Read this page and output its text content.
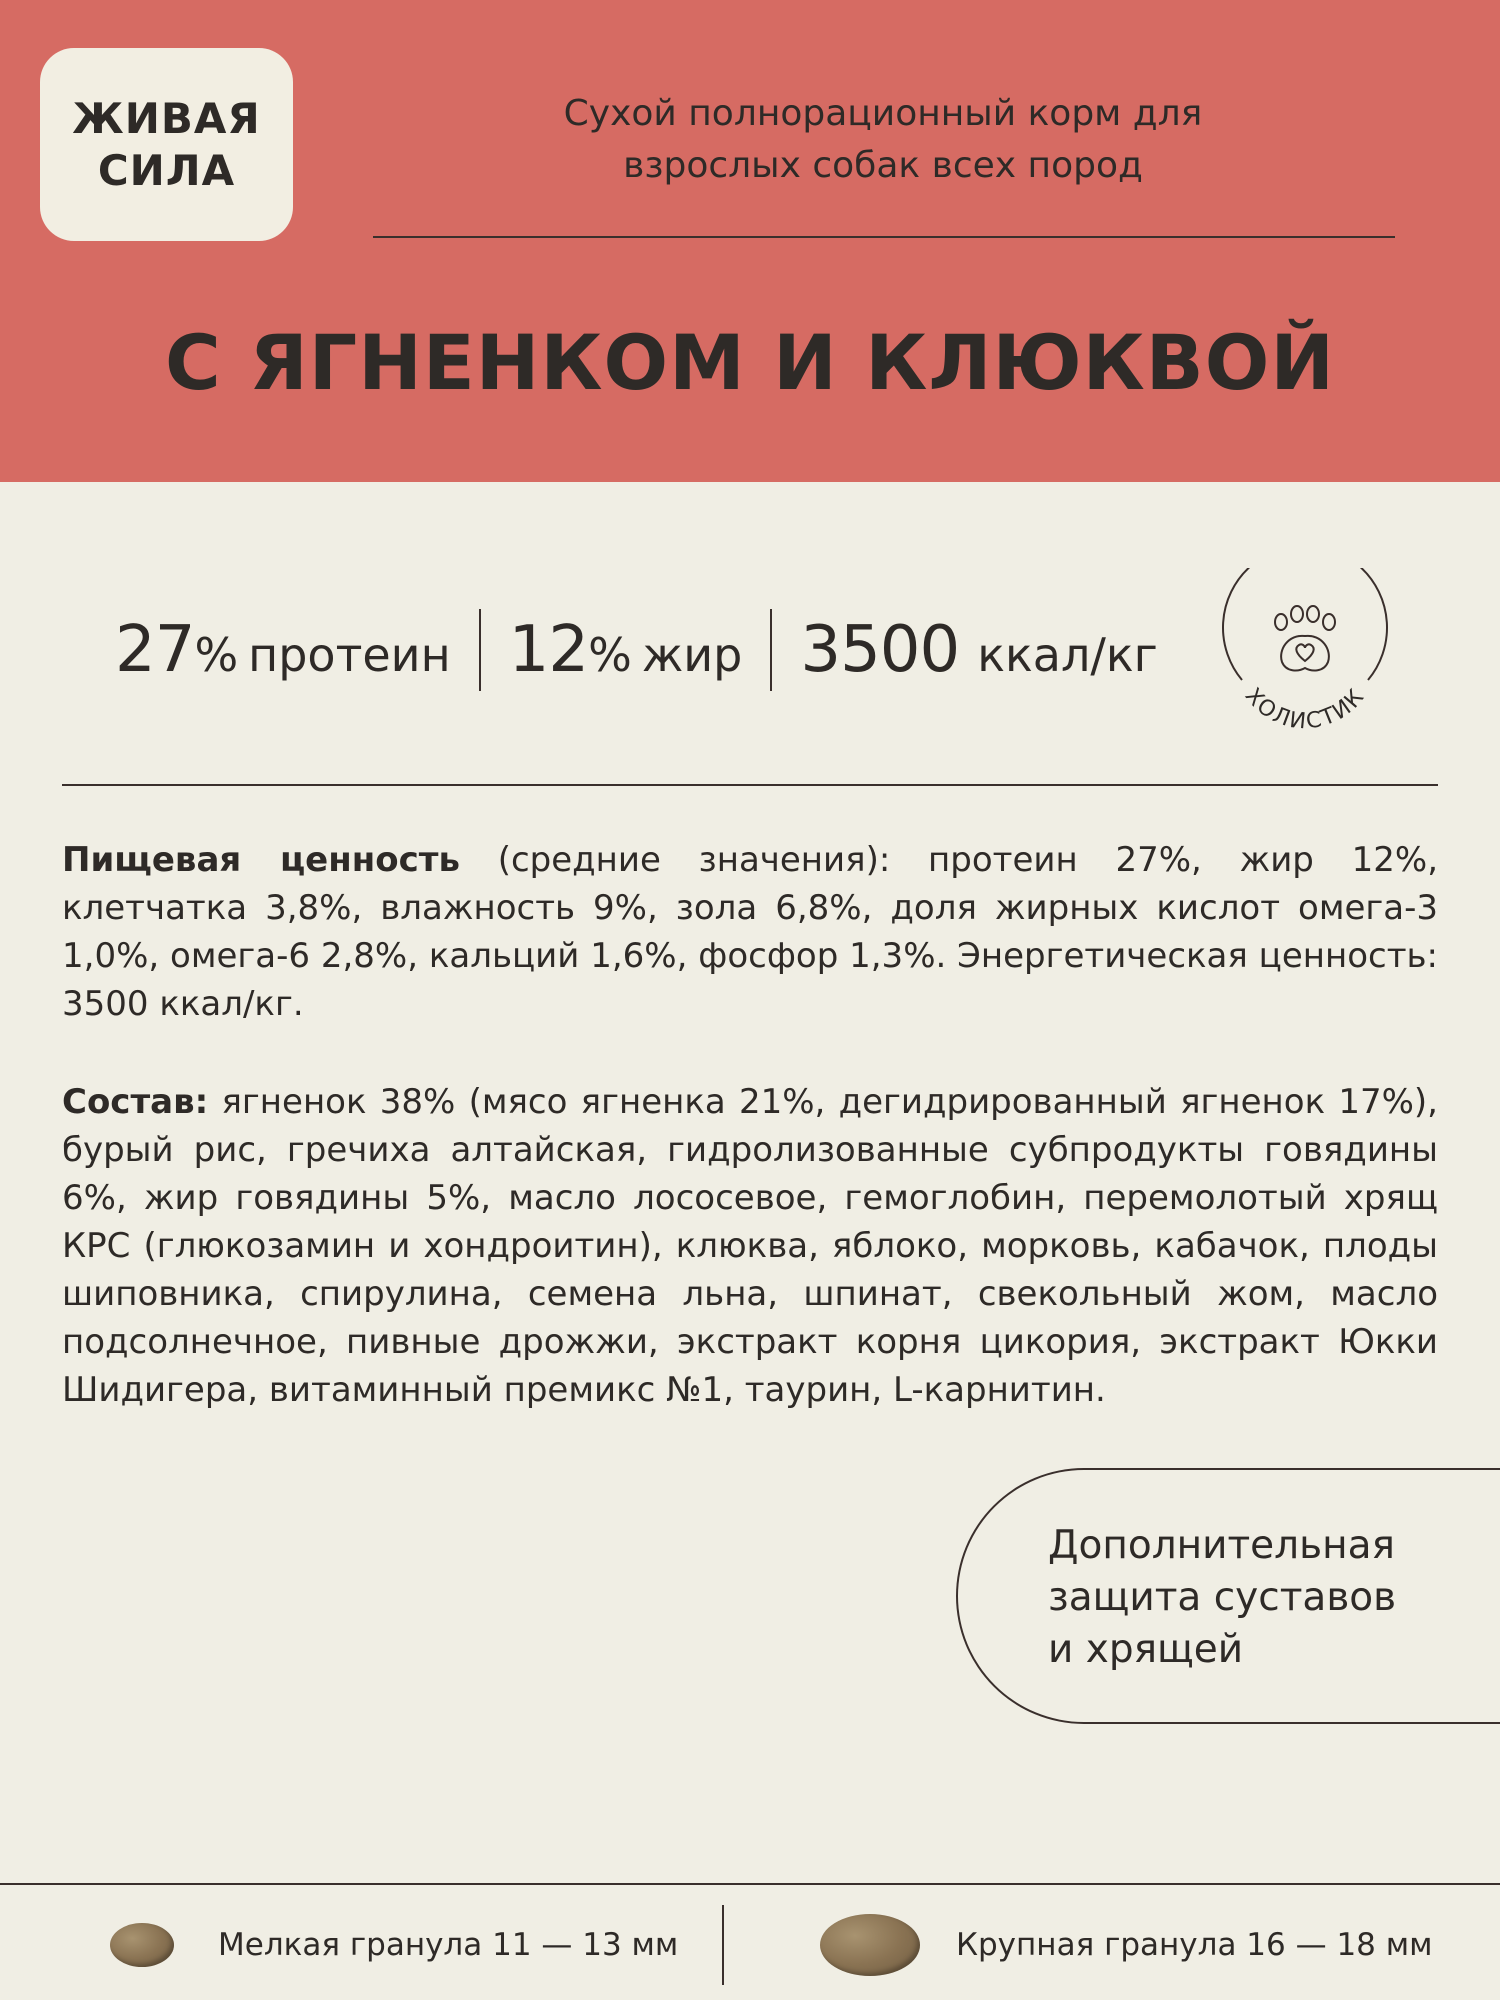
ЖИВАЯ
СИЛА
Сухой полнорационный корм для
взрослых собак всех пород
С ЯГНЕНКОМ И КЛЮКВОЙ
27 % протеин 12 % жир 3500 ккал/кг
ХОЛИСТИК
Пищевая ценность (средние значения): протеин 27%, жир 12%, клетчатка 3,8%, влажность 9%, зола 6,8%, доля жирных кислот омега-3 1,0%, омега-6 2,8%, кальций 1,6%, фосфор 1,3%. Энергетическая ценность: 3500 ккал/кг.
Состав: ягненок 38% (мясо ягненка 21%, дегидрированный ягненок 17%), бурый рис, гречиха алтайская, гидролизованные субпродукты говядины 6%, жир говядины 5%, масло лососевое, гемоглобин, перемолотый хрящ КРС (глюкозамин и хондроитин), клюква, яблоко, морковь, кабачок, плоды шиповника, спирулина, семена льна, шпинат, свекольный жом, масло подсолнечное, пивные дрожжи, экстракт корня цикория, экстракт Юкки Шидигера, витаминный премикс №1, таурин, L-карнитин.
Дополнительная
защита суставов
и хрящей
Мелкая гранула 11 — 13 мм	Крупная гранула 16 — 18 мм
